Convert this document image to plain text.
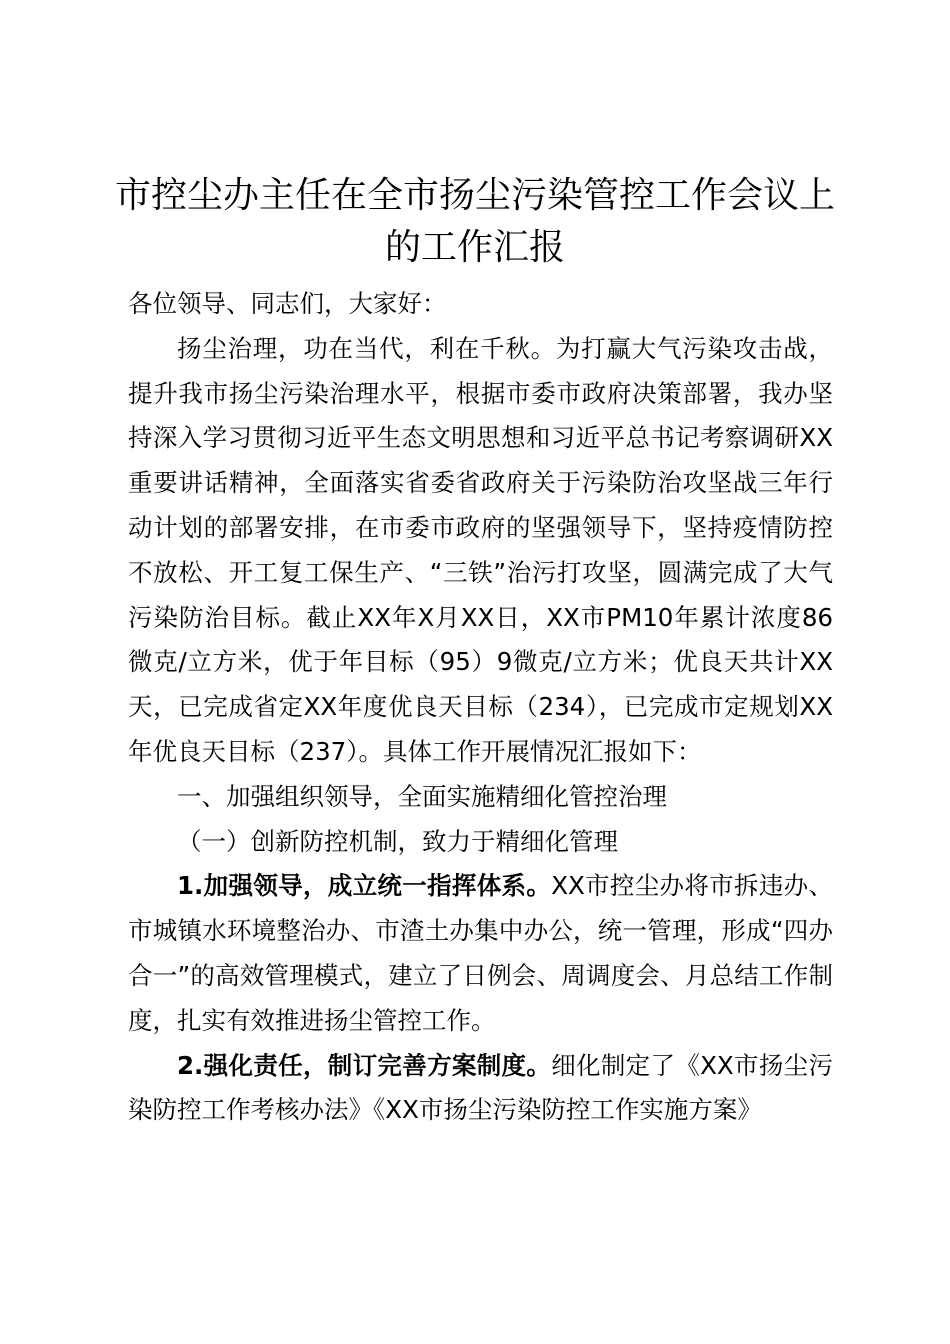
市控尘办主任在全市扬尘污染管控工作会议上的工作汇报

各位领导、同志们，大家好：

扬尘治理，功在当代，利在千秋。为打赢大气污染攻击战，提升我市扬尘污染治理水平，根据市委市政府决策部署，我办坚持深入学习贯彻习近平生态文明思想和习近平总书记考察调研XX重要讲话精神，全面落实省委省政府关于污染防治攻坚战三年行动计划的部署安排，在市委市政府的坚强领导下，坚持疫情防控不放松、开工复工保生产、“三铁”治污打攻坚，圆满完成了大气污染防治目标。截止XX年X月XX日，XX市PM10年累计浓度86微克/立方米，优于年目标（95）9微克/立方米；优良天共计XX天，已完成省定XX年度优良天目标（234），已完成市定规划XX年优良天目标（237）。具体工作开展情况汇报如下：

一、加强组织领导，全面实施精细化管控治理

（一）创新防控机制，致力于精细化管理

1.加强领导，成立统一指挥体系。XX市控尘办将市拆违办、市城镇水环境整治办、市渣土办集中办公，统一管理，形成“四办合一”的高效管理模式，建立了日例会、周调度会、月总结工作制度，扎实有效推进扬尘管控工作。

2.强化责任，制订完善方案制度。细化制定了《XX市扬尘污染防控工作考核办法》《XX市扬尘污染防控工作实施方案》
